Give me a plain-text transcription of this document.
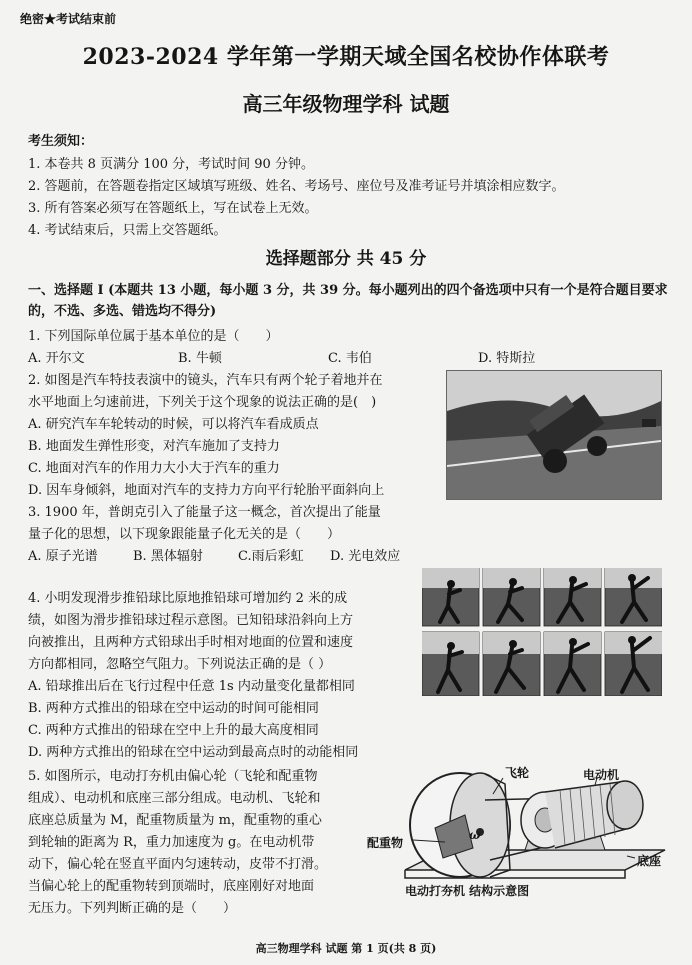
绝密★考试结束前
2023-2024 学年第一学期天域全国名校协作体联考
高三年级物理学科 试题
考生须知：
1. 本卷共 8 页满分 100 分，考试时间 90 分钟。
2. 答题前，在答题卷指定区域填写班级、姓名、考场号、座位号及准考证号并填涂相应数字。
3. 所有答案必须写在答题纸上，写在试卷上无效。
4. 考试结束后，只需上交答题纸。
选择题部分 共 45 分
一、选择题 I (本题共 13 小题，每小题 3 分，共 39 分。每小题列出的四个备选项中只有一个是符合题目要求的，不选、多选、错选均不得分)
1. 下列国际单位属于基本单位的是（　　）
A. 开尔文	B. 牛顿	C. 韦伯	D. 特斯拉
2. 如图是汽车特技表演中的镜头，汽车只有两个轮子着地并在
水平地面上匀速前进，下列关于这个现象的说法正确的是(　)
A. 研究汽车车轮转动的时候，可以将汽车看成质点
B. 地面发生弹性形变，对汽车施加了支持力
C. 地面对汽车的作用力大小大于汽车的重力
D. 因车身倾斜，地面对汽车的支持力方向平行轮胎平面斜向上
3. 1900 年，普朗克引入了能量子这一概念，首次提出了能量
量子化的思想，以下现象跟能量子化无关的是（　　）
A. 原子光谱	B. 黑体辐射	C.雨后彩虹 D. 光电效应
4. 小明发现滑步推铅球比原地推铅球可增加约 2 米的成
绩，如图为滑步推铅球过程示意图。已知铅球沿斜向上方
向被推出，且两种方式铅球出手时相对地面的位置和速度
方向都相同，忽略空气阻力。下列说法正确的是（ ）
A. 铅球推出后在飞行过程中任意 1s 内动量变化量都相同
B. 两种方式推出的铅球在空中运动的时间可能相同
C. 两种方式推出的铅球在空中上升的最大高度相同
D. 两种方式推出的铅球在空中运动到最高点时的动能相同
5. 如图所示，电动打夯机由偏心轮（飞轮和配重物
组成）、电动机和底座三部分组成。电动机、飞轮和
底座总质量为 M，配重物质量为 m，配重物的重心
到轮轴的距离为 R，重力加速度为 g。在电动机带
动下，偏心轮在竖直平面内匀速转动，皮带不打滑。
当偏心轮上的配重物转到顶端时，底座刚好对地面
无压力。下列判断正确的是（　　）
飞轮	电动机
配重物
底座
ω
电动打夯机 结构示意图
高三物理学科 试题 第 1 页(共 8 页)
